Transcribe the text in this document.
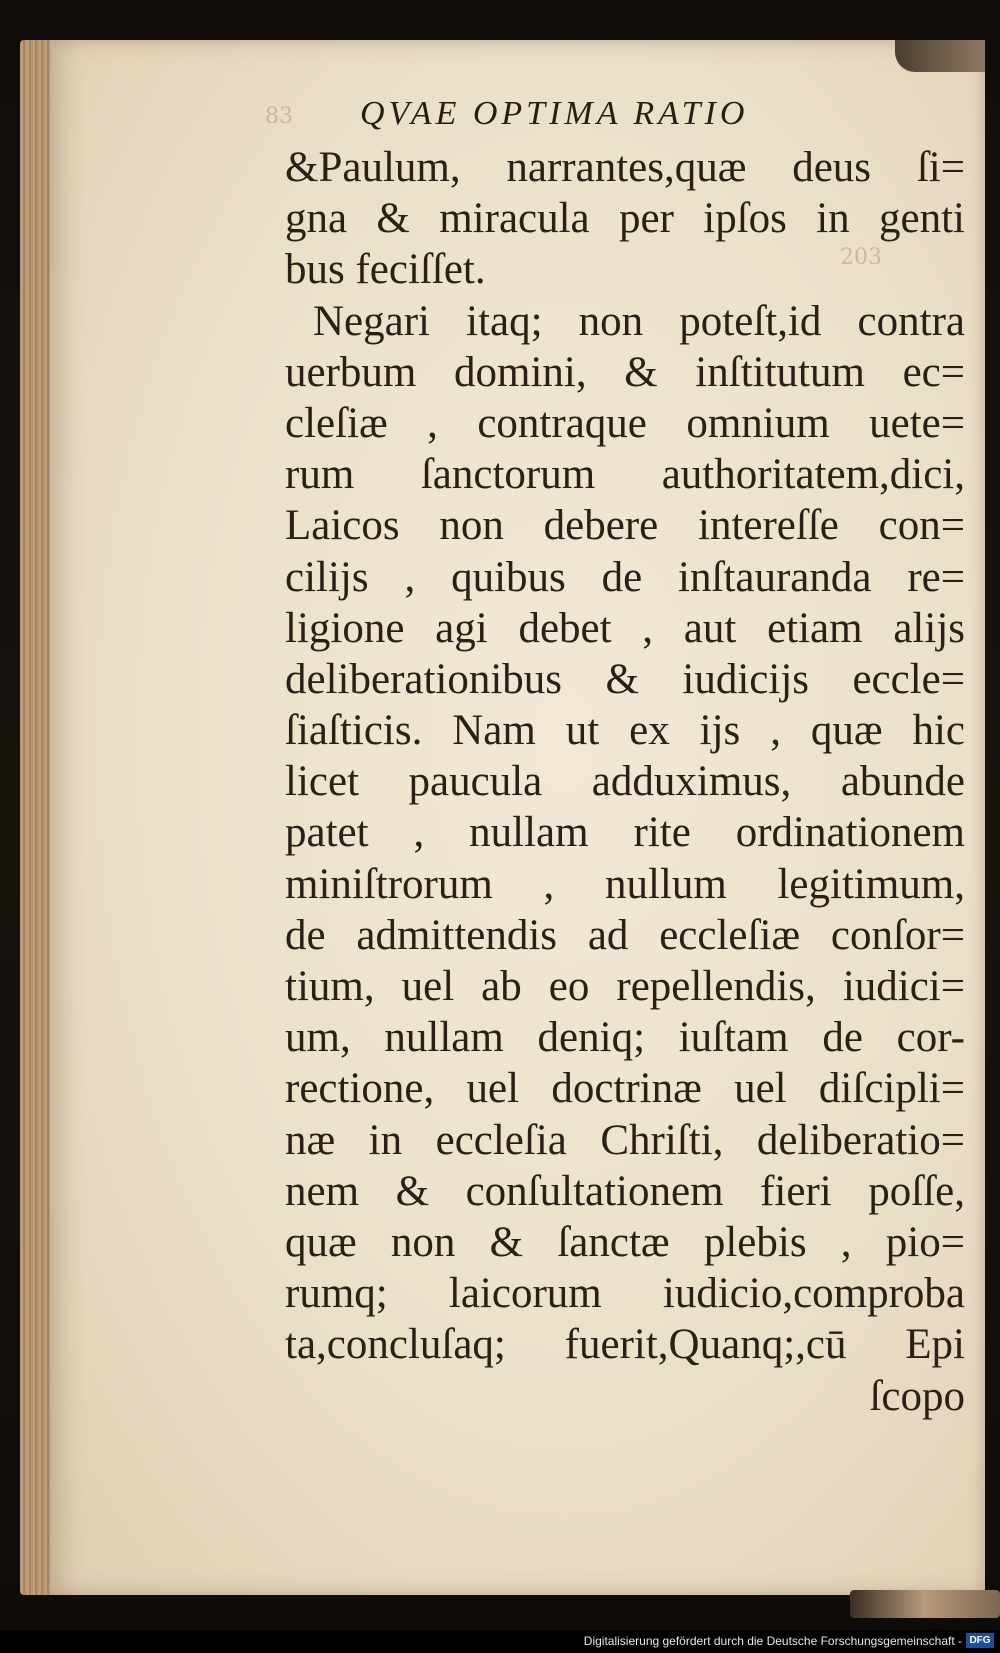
83
203
QVAE OPTIMA RATIO
&Paulum, narrantes,quæ deus ſi=
gna & miracula per ipſos in genti
bus feciſſet.
Negari itaq; non poteſt,id contra
uerbum domini, & inſtitutum ec=
cleſiæ , contraque omnium uete=
rum ſanctorum authoritatem,dici,
Laicos non debere intereſſe con=
cilijs , quibus de inſtauranda re=
ligione agi debet , aut etiam alijs
deliberationibus & iudicijs eccle=
ſiaſticis. Nam ut ex ijs , quæ hic
licet paucula adduximus, abunde
patet , nullam rite ordinationem
miniſtrorum , nullum legitimum,
de admittendis ad eccleſiæ conſor=
tium, uel ab eo repellendis, iudici=
um, nullam deniq; iuſtam de cor-
rectione, uel doctrinæ uel diſcipli=
næ in eccleſia Chriſti, deliberatio=
nem & conſultationem fieri poſſe,
quæ non & ſanctæ plebis , pio=
rumq; laicorum iudicio,comproba
ta,concluſaq; fuerit,Quanq;,cū Epi
ſcopo
Digitalisierung gefördert durch die Deutsche Forschungsgemeinschaft - DFG
